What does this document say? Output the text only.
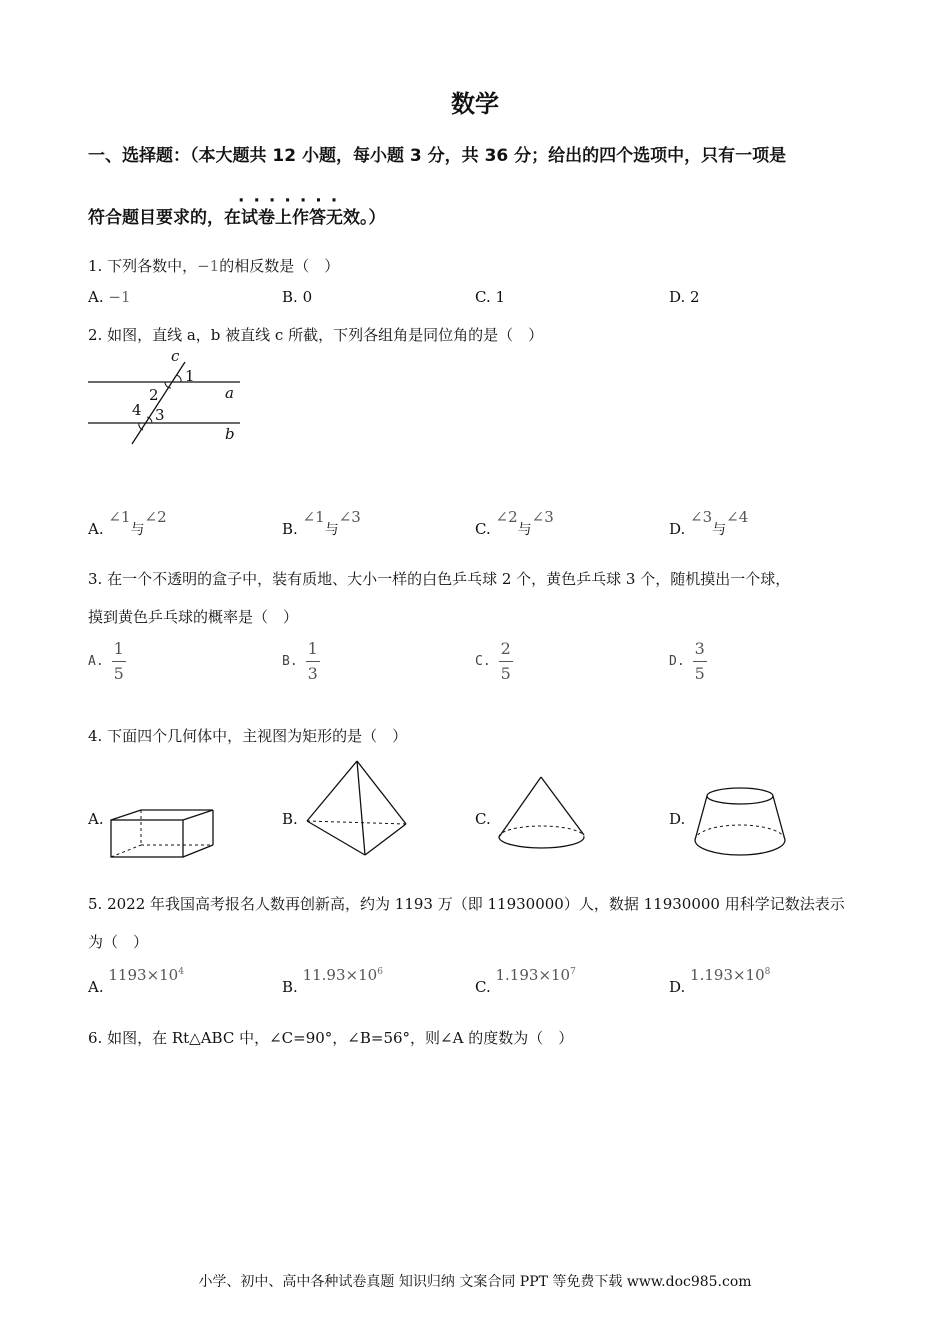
数学
一、选择题：（本大题共 12 小题，每小题 3 分，共 36 分；给出的四个选项中，只有一项是
·······
符合题目要求的，在试卷上作答无效。）
1. 下列各数中，−1的相反数是（　）
A. −1	B. 0	C. 1	D. 2
2. 如图，直线 a，b 被直线 c 所截，下列各组角是同位角的是（　）
c
1
2	a
4 3
b
A. ∠1与∠2
B. ∠1与∠3
C. ∠2与∠3
D. ∠3与∠4
3. 在一个不透明的盒子中，装有质地、大小一样的白色乒乓球 2 个，黄色乒乓球 3 个，随机摸出一个球，
摸到黄色乒乓球的概率是（　）
A. $\frac{1}{5}$	B. $\frac{1}{3}$	C. $\frac{2}{5}$	D. $\frac{3}{5}$
4. 下面四个几何体中，主视图为矩形的是（　）
A.	B.	C.	D.
5. 2022 年我国高考报名人数再创新高，约为 1193 万（即 11930000）人，数据 11930000 用科学记数法表示
为（　）
A. $1193\times 10^4$
B. $11.93\times 10^6$
C. $1.193\times 10^7$
D. $1.193\times 10^8$
6. 如图，在 Rt△ABC 中，∠C=90°，∠B=56°，则∠A 的度数为（　）
小学、初中、高中各种试卷真题 知识归纳 文案合同 PPT 等免费下载 www.doc985.com
